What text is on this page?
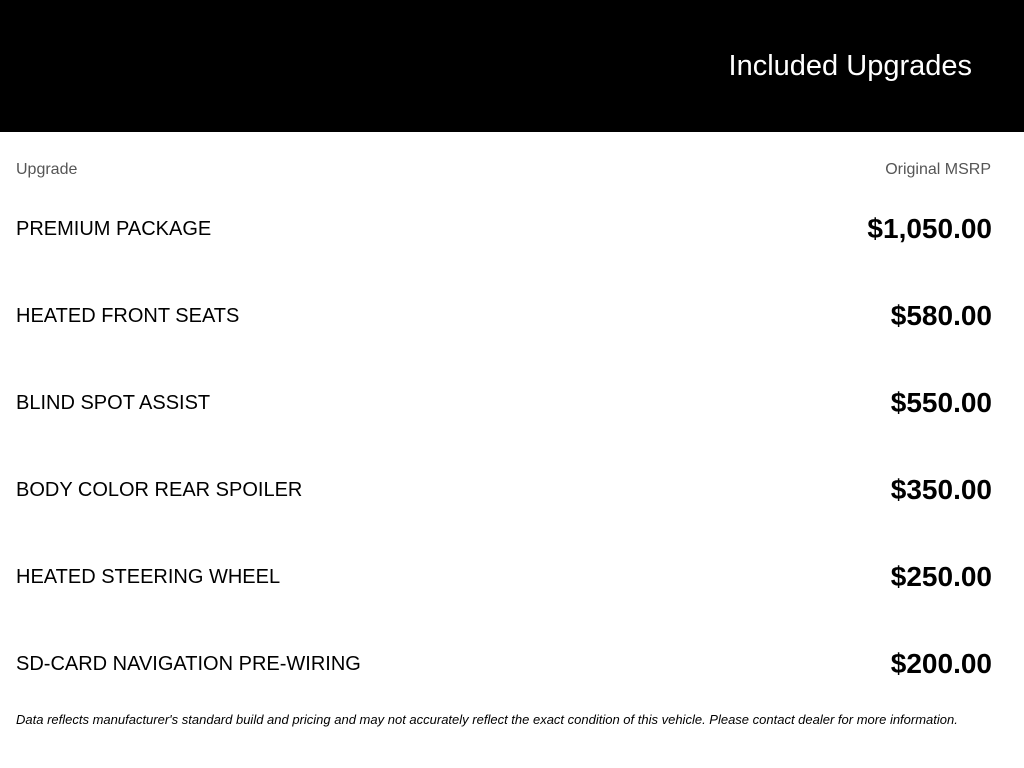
Included Upgrades
Upgrade	Original MSRP
PREMIUM PACKAGE	$1,050.00
HEATED FRONT SEATS	$580.00
BLIND SPOT ASSIST	$550.00
BODY COLOR REAR SPOILER	$350.00
HEATED STEERING WHEEL	$250.00
SD-CARD NAVIGATION PRE-WIRING	$200.00
Data reflects manufacturer's standard build and pricing and may not accurately reflect the exact condition of this vehicle. Please contact dealer for more information.
